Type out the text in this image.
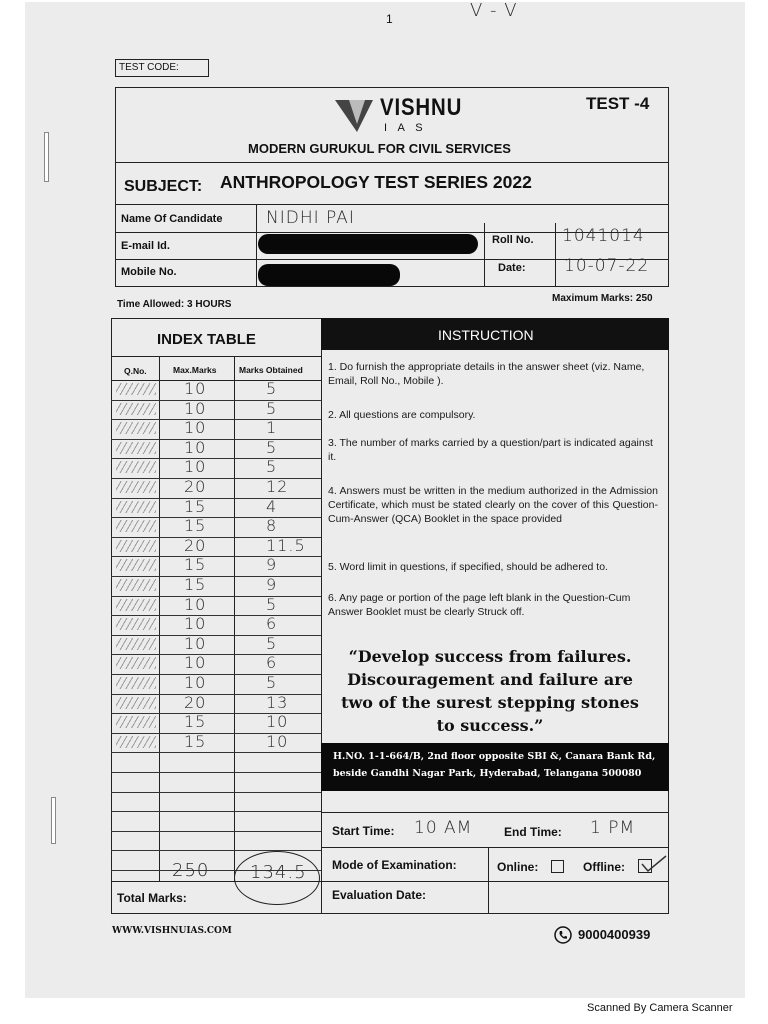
1	V - V
TEST CODE:
VISHNU
I A S
TEST -4
MODERN GURUKUL FOR CIVIL SERVICES
SUBJECT: ANTHROPOLOGY TEST SERIES 2022
Name Of Candidate	NIDHI PAI
E-mail Id.
Mobile No.
Roll No. 1041014
Date: 10-07-22
Time Allowed: 3 HOURS
Maximum Marks: 250
INDEX TABLE
Q.No.	Max.Marks	Marks Obtained
10	5
10	5
10	1
10	5
10	5
20	12
15	4
15	8
20	11.5
15	9
15	9
10	5
10	6
10	5
10	6
10	5
20	13
15	10
15	10
250 134.5
Total Marks:
INSTRUCTION
1. Do furnish the appropriate details in the answer sheet (viz. Name, Email, Roll No., Mobile ).
2. All questions are compulsory.
3. The number of marks carried by a question/part is indicated against it.
4. Answers must be written in the medium authorized in the Admission Certificate, which must be stated clearly on the cover of this Question-Cum-Answer (QCA) Booklet in the space provided
5. Word limit in questions, if specified, should be adhered to.
6. Any page or portion of the page left blank in the Question-Cum Answer Booklet must be clearly Struck off.
“Develop success from failures. Discouragement and failure are two of the surest stepping stones to success.”
H.NO. 1-1-664/B, 2nd floor opposite SBI &, Canara Bank Rd,
beside Gandhi Nagar Park, Hyderabad, Telangana 500080
Start Time: 10 AM	End Time: 1 PM
Mode of Examination:	Online:	Offline:
Evaluation Date:
WWW.VISHNUIAS.COM	9000400939
Scanned By Camera Scanner
